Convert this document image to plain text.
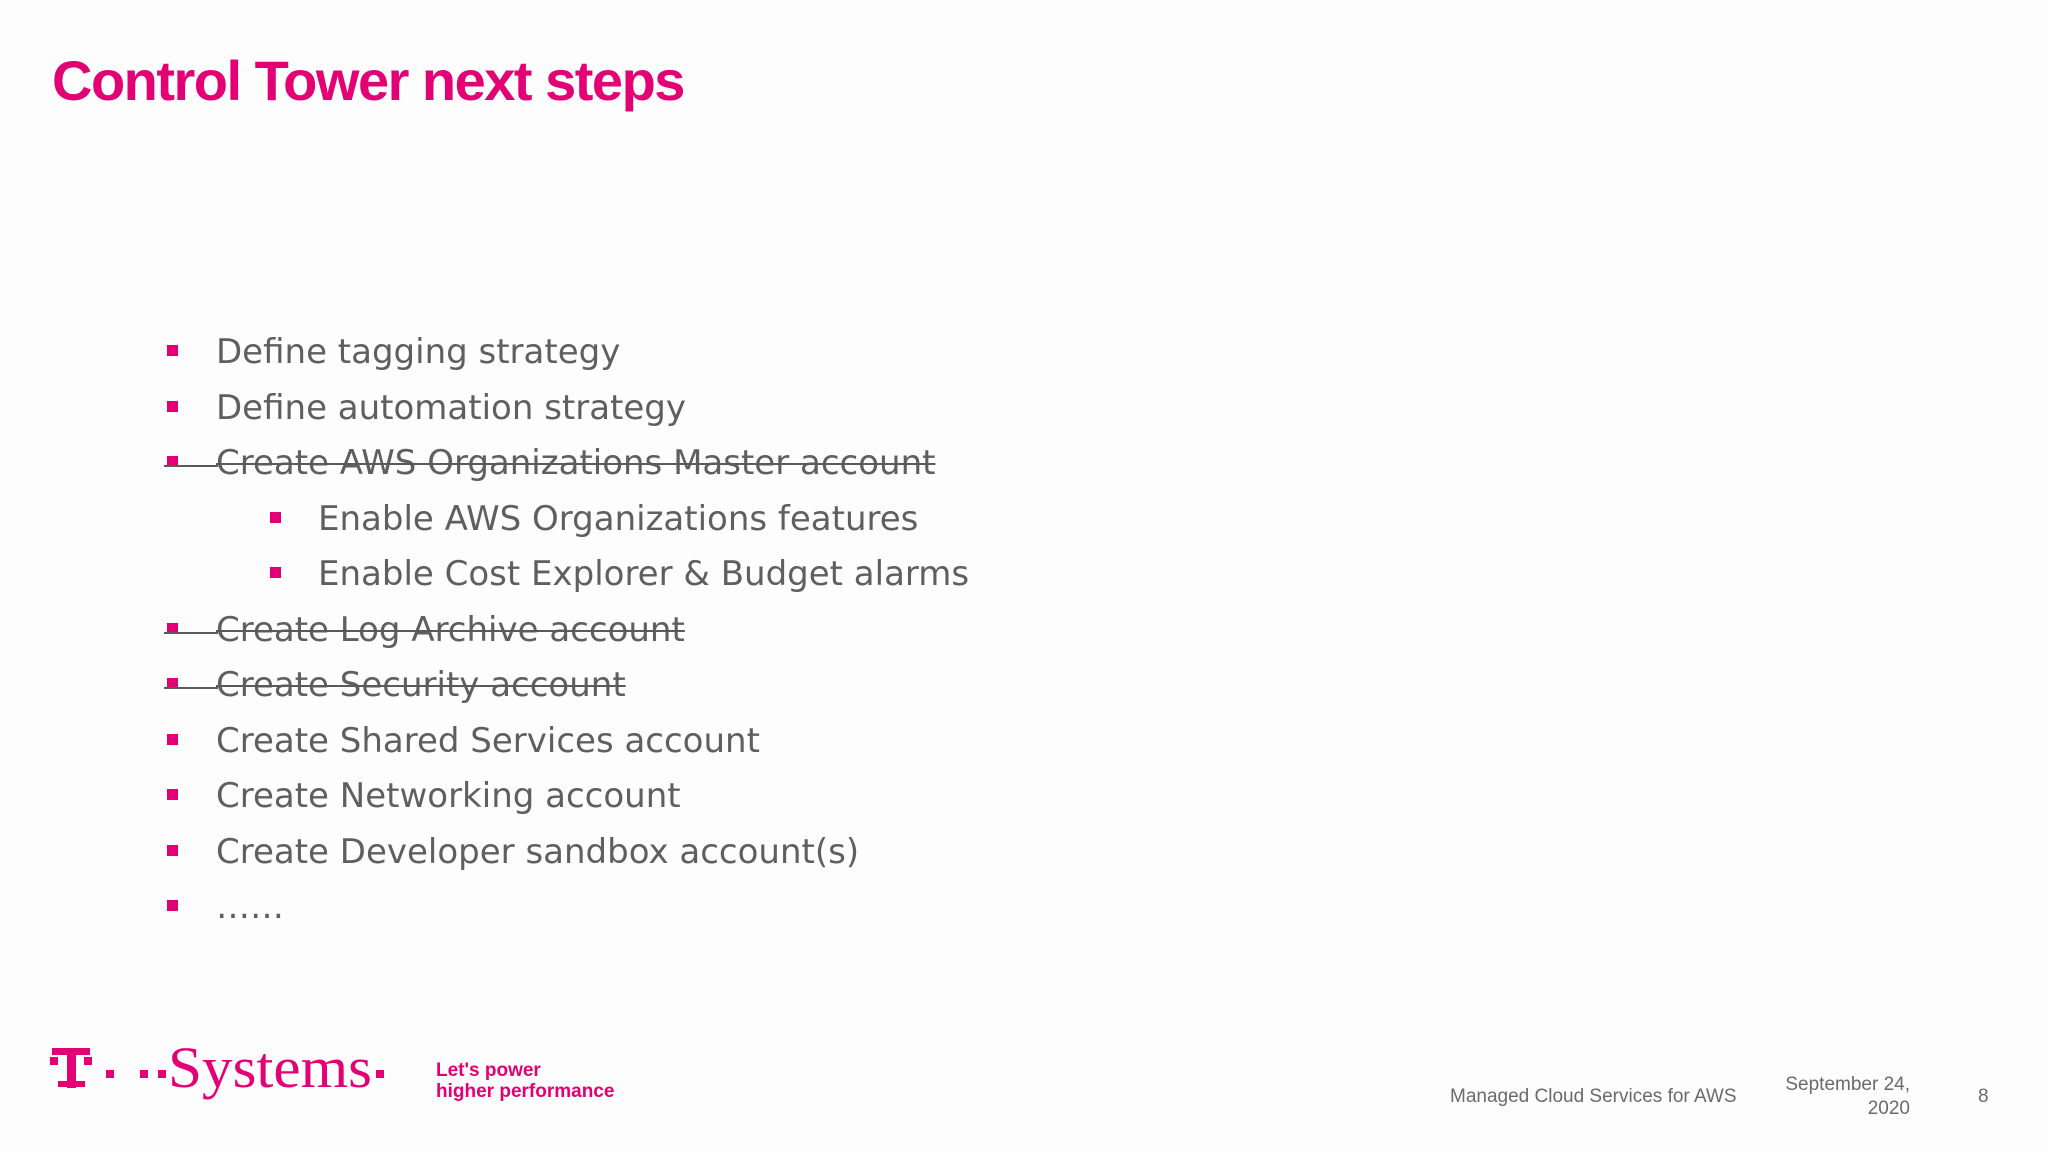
Control Tower next steps
Define tagging strategy
Define automation strategy
Create AWS Organizations Master account
Enable AWS Organizations features
Enable Cost Explorer & Budget alarms
Create Log Archive account
Create Security account
Create Shared Services account
Create Networking account
Create Developer sandbox account(s)
……
Systems	Let's power
higher performance	Managed Cloud Services for AWS
September 24,
2020
8
